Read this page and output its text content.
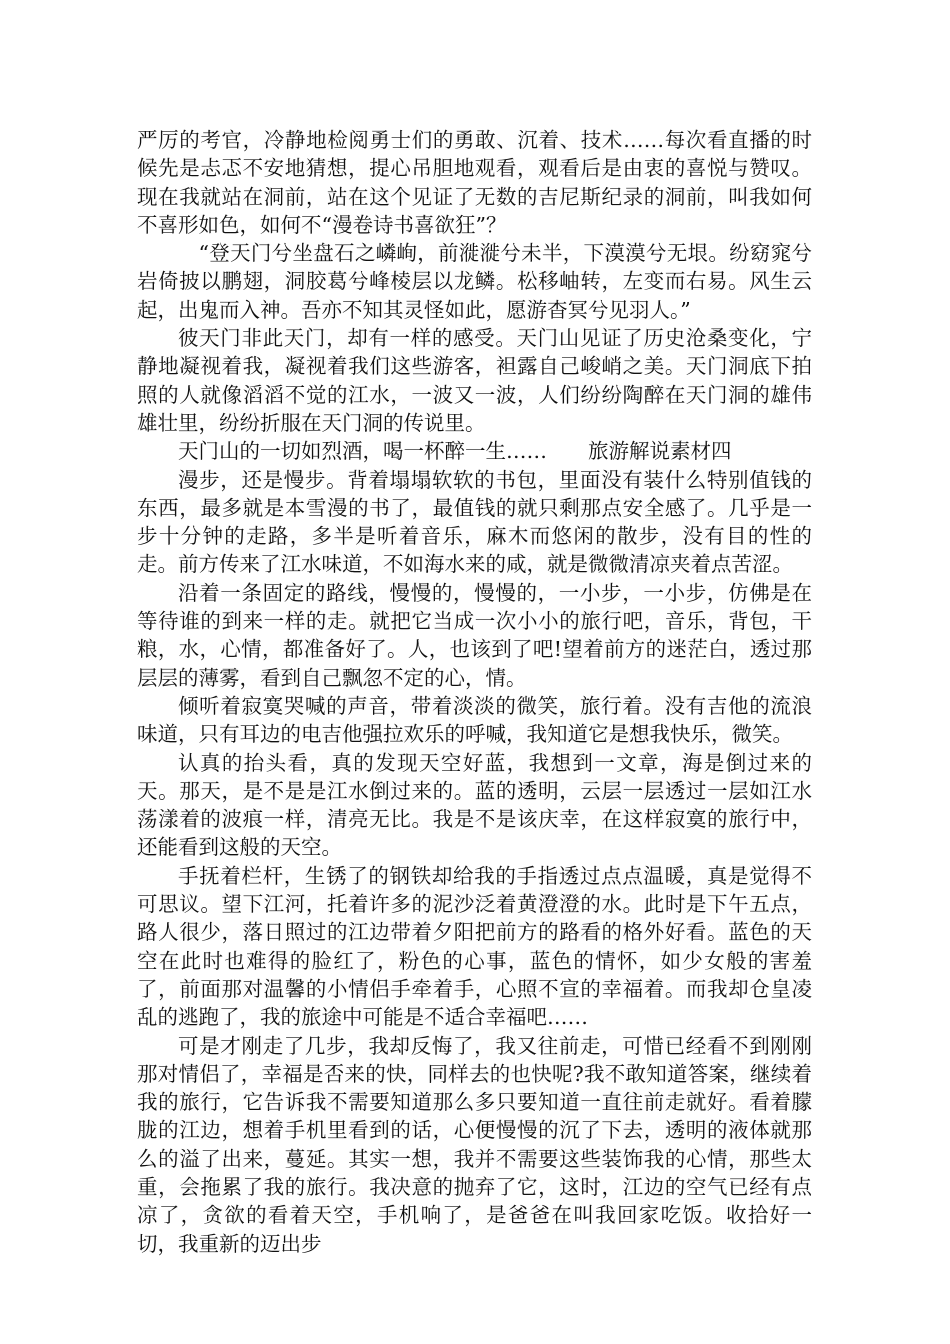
严厉的考官，冷静地检阅勇士们的勇敢、沉着、技术……每次看直播的时候先是忐忑不安地猜想，提心吊胆地观看，观看后是由衷的喜悦与赞叹。现在我就站在洞前，站在这个见证了无数的吉尼斯纪录的洞前，叫我如何不喜形如色，如何不“漫卷诗书喜欲狂”？

“登天门兮坐盘石之嶙峋，前漇漇兮未半，下漠漠兮无垠。纷窈窕兮岩倚披以鹏翅，洞胶葛兮峰棱层以龙鳞。松移岫转，左变而右易。风生云起，出鬼而入神。吾亦不知其灵怪如此，愿游杳冥兮见羽人。”

彼天门非此天门，却有一样的感受。天门山见证了历史沧桑变化，宁静地凝视着我，凝视着我们这些游客，袒露自己峻峭之美。天门洞底下拍照的人就像滔滔不觉的江水，一波又一波，人们纷纷陶醉在天门洞的雄伟雄壮里，纷纷折服在天门洞的传说里。

天门山的一切如烈酒，喝一杯醉一生……　　旅游解说素材四

漫步，还是慢步。背着塌塌软软的书包，里面没有装什么特别值钱的东西，最多就是本雪漫的书了，最值钱的就只剩那点安全感了。几乎是一步十分钟的走路，多半是听着音乐，麻木而悠闲的散步，没有目的性的走。前方传来了江水味道，不如海水来的咸，就是微微清凉夹着点苦涩。

沿着一条固定的路线，慢慢的，慢慢的，一小步，一小步，仿佛是在等待谁的到来一样的走。就把它当成一次小小的旅行吧，音乐，背包，干粮，水，心情，都准备好了。人，也该到了吧!望着前方的迷茫白，透过那层层的薄雾，看到自己飘忽不定的心，情。

倾听着寂寞哭喊的声音，带着淡淡的微笑，旅行着。没有吉他的流浪味道，只有耳边的电吉他强拉欢乐的呼喊，我知道它是想我快乐，微笑。

认真的抬头看，真的发现天空好蓝，我想到一文章，海是倒过来的天。那天，是不是是江水倒过来的。蓝的透明，云层一层透过一层如江水荡漾着的波痕一样，清亮无比。我是不是该庆幸，在这样寂寞的旅行中，还能看到这般的天空。

手抚着栏杆，生锈了的钢铁却给我的手指透过点点温暖，真是觉得不可思议。望下江河，托着许多的泥沙泛着黄澄澄的水。此时是下午五点，路人很少，落日照过的江边带着夕阳把前方的路看的格外好看。蓝色的天空在此时也难得的脸红了，粉色的心事，蓝色的情怀，如少女般的害羞了，前面那对温馨的小情侣手牵着手，心照不宣的幸福着。而我却仓皇凌乱的逃跑了，我的旅途中可能是不适合幸福吧……

可是才刚走了几步，我却反悔了，我又往前走，可惜已经看不到刚刚那对情侣了，幸福是否来的快，同样去的也快呢?我不敢知道答案，继续着我的旅行，它告诉我不需要知道那么多只要知道一直往前走就好。看着朦胧的江边，想着手机里看到的话，心便慢慢的沉了下去，透明的液体就那么的溢了出来，蔓延。其实一想，我并不需要这些装饰我的心情，那些太重，会拖累了我的旅行。我决意的抛弃了它，这时，江边的空气已经有点凉了，贪欲的看着天空，手机响了，是爸爸在叫我回家吃饭。收拾好一切，我重新的迈出步
